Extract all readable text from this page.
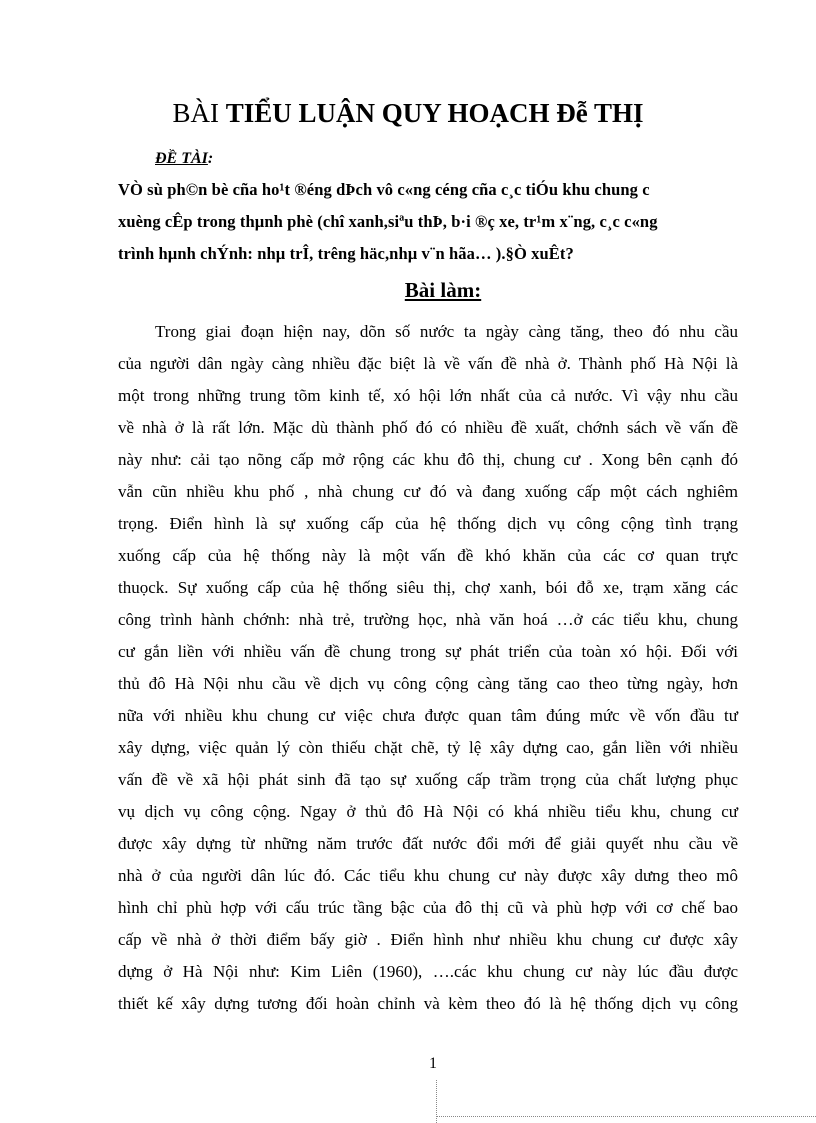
BÀI TIỂU LUẬN QUY HOẠCH Đễ THỊ
ĐỀ TÀI:
VÒ sù ph©n bè cña ho¹t ®éng dÞch vô c«ng céng cña c¸c tiÓu khu chung c
xuèng cÊp trong thµnh phè (chî xanh,siªu thÞ, b·i ®ç xe, tr¹m x¨ng, c¸c c«ng
trình hµnh chÝnh: nhµ trÎ, trêng häc,nhµ v¨n hãa… ).§Ò xuÊt?
Bài làm:
Trong giai đoạn hiện nay, dõn số nước ta ngày càng tăng, theo đó nhu cầu
của người dân ngày càng nhiều đặc biệt là về vấn đề nhà ở. Thành phố Hà Nội là
một trong những trung tõm kinh tế, xó hội lớn nhất của cả nước. Vì vậy nhu cầu
về nhà ở là rất lớn. Mặc dù thành phố đó có nhiều đề xuất, chớnh sách về vấn đề
này như: cải tạo nõng cấp mở rộng các khu đô thị, chung cư . Xong bên cạnh đó
vẫn cũn nhiều khu phố , nhà chung cư đó và đang xuống cấp một cách nghiêm
trọng. Điển hình là sự xuống cấp của hệ thống dịch vụ công cộng tình trạng
xuống cấp của hệ thống này là một vấn đề khó khăn của các cơ quan trực
thuọck. Sự xuống cấp của hệ thống siêu thị, chợ xanh, bói đỗ xe, trạm xăng các
công trình hành chớnh: nhà trẻ, trường học, nhà văn hoá …ở các tiểu khu, chung
cư gắn liền với nhiều vấn đề chung trong sự phát triển của toàn xó hội. Đối với
thủ đô Hà Nội nhu cầu về dịch vụ công cộng càng tăng cao theo từng ngày, hơn
nữa với nhiều khu chung cư việc chưa được quan tâm đúng mức về vốn đầu tư
xây dựng, việc quản lý còn thiếu chặt chẽ, tỷ lệ xây dựng cao, gắn liền với nhiều
vấn đề về xã hội phát sinh đã tạo sự xuống cấp trầm trọng của chất lượng phục
vụ dịch vụ công cộng. Ngay ở thủ đô Hà Nội có khá nhiều tiểu khu, chung cư
được xây dựng từ những năm trước đất nước đổi mới để giải quyết nhu cầu về
nhà ở của người dân lúc đó. Các tiểu khu chung cư này được xây dưng theo mô
hình chỉ phù hợp với cấu trúc tầng bậc của đô thị cũ và phù hợp với cơ chế bao
cấp về nhà ở thời điểm bấy giờ . Điển hình như nhiều khu chung cư được xây
dựng ở Hà Nội như: Kim Liên (1960), ….các khu chung cư này lúc đầu được
thiết kế xây dựng tương đối hoàn chỉnh và kèm theo đó là hệ thống dịch vụ công
1
